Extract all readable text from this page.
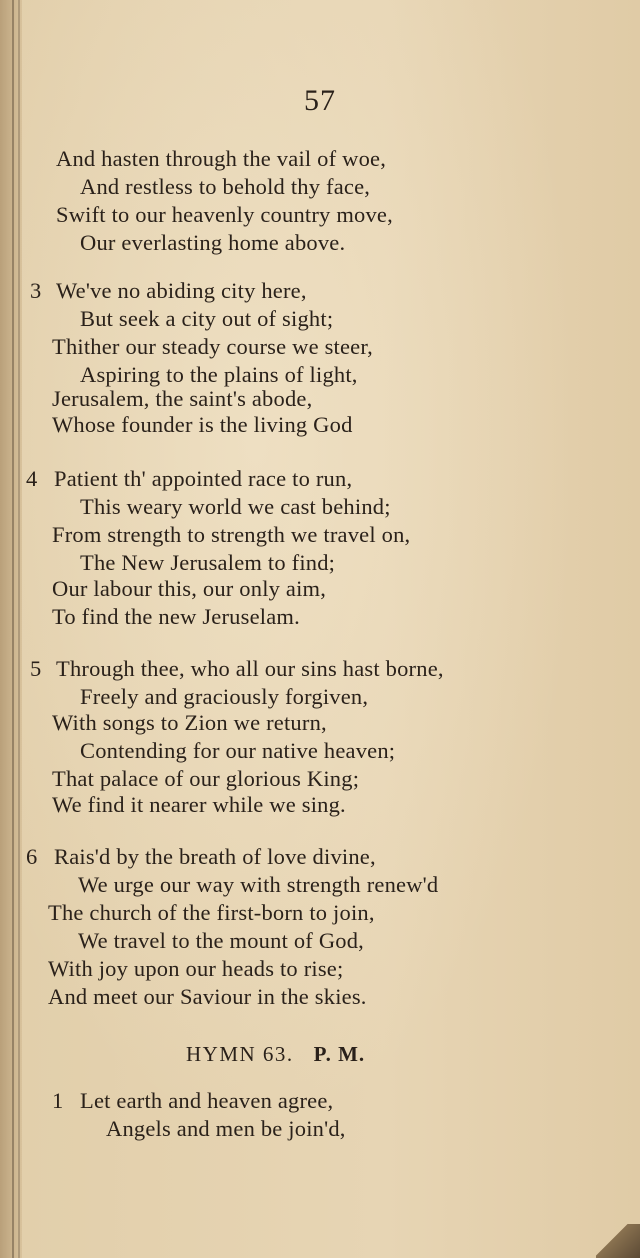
57
And hasten through the vail of woe,
And restless to behold thy face,
Swift to our heavenly country move,
Our everlasting home above.
3 We've no abiding city here,
But seek a city out of sight;
Thither our steady course we steer,
Aspiring to the plains of light,
Jerusalem, the saint's abode,
Whose founder is the living God
4 Patient th' appointed race to run,
This weary world we cast behind;
From strength to strength we travel on,
The New Jerusalem to find;
Our labour this, our only aim,
To find the new Jeruselam.
5 Through thee, who all our sins hast borne,
Freely and graciously forgiven,
With songs to Zion we return,
Contending for our native heaven;
That palace of our glorious King;
We find it nearer while we sing.
6 Rais'd by the breath of love divine,
We urge our way with strength renew'd
The church of the first-born to join,
We travel to the mount of God,
With joy upon our heads to rise;
And meet our Saviour in the skies.
HYMN 63. P. M.
1 Let earth and heaven agree,
Angels and men be join'd,
